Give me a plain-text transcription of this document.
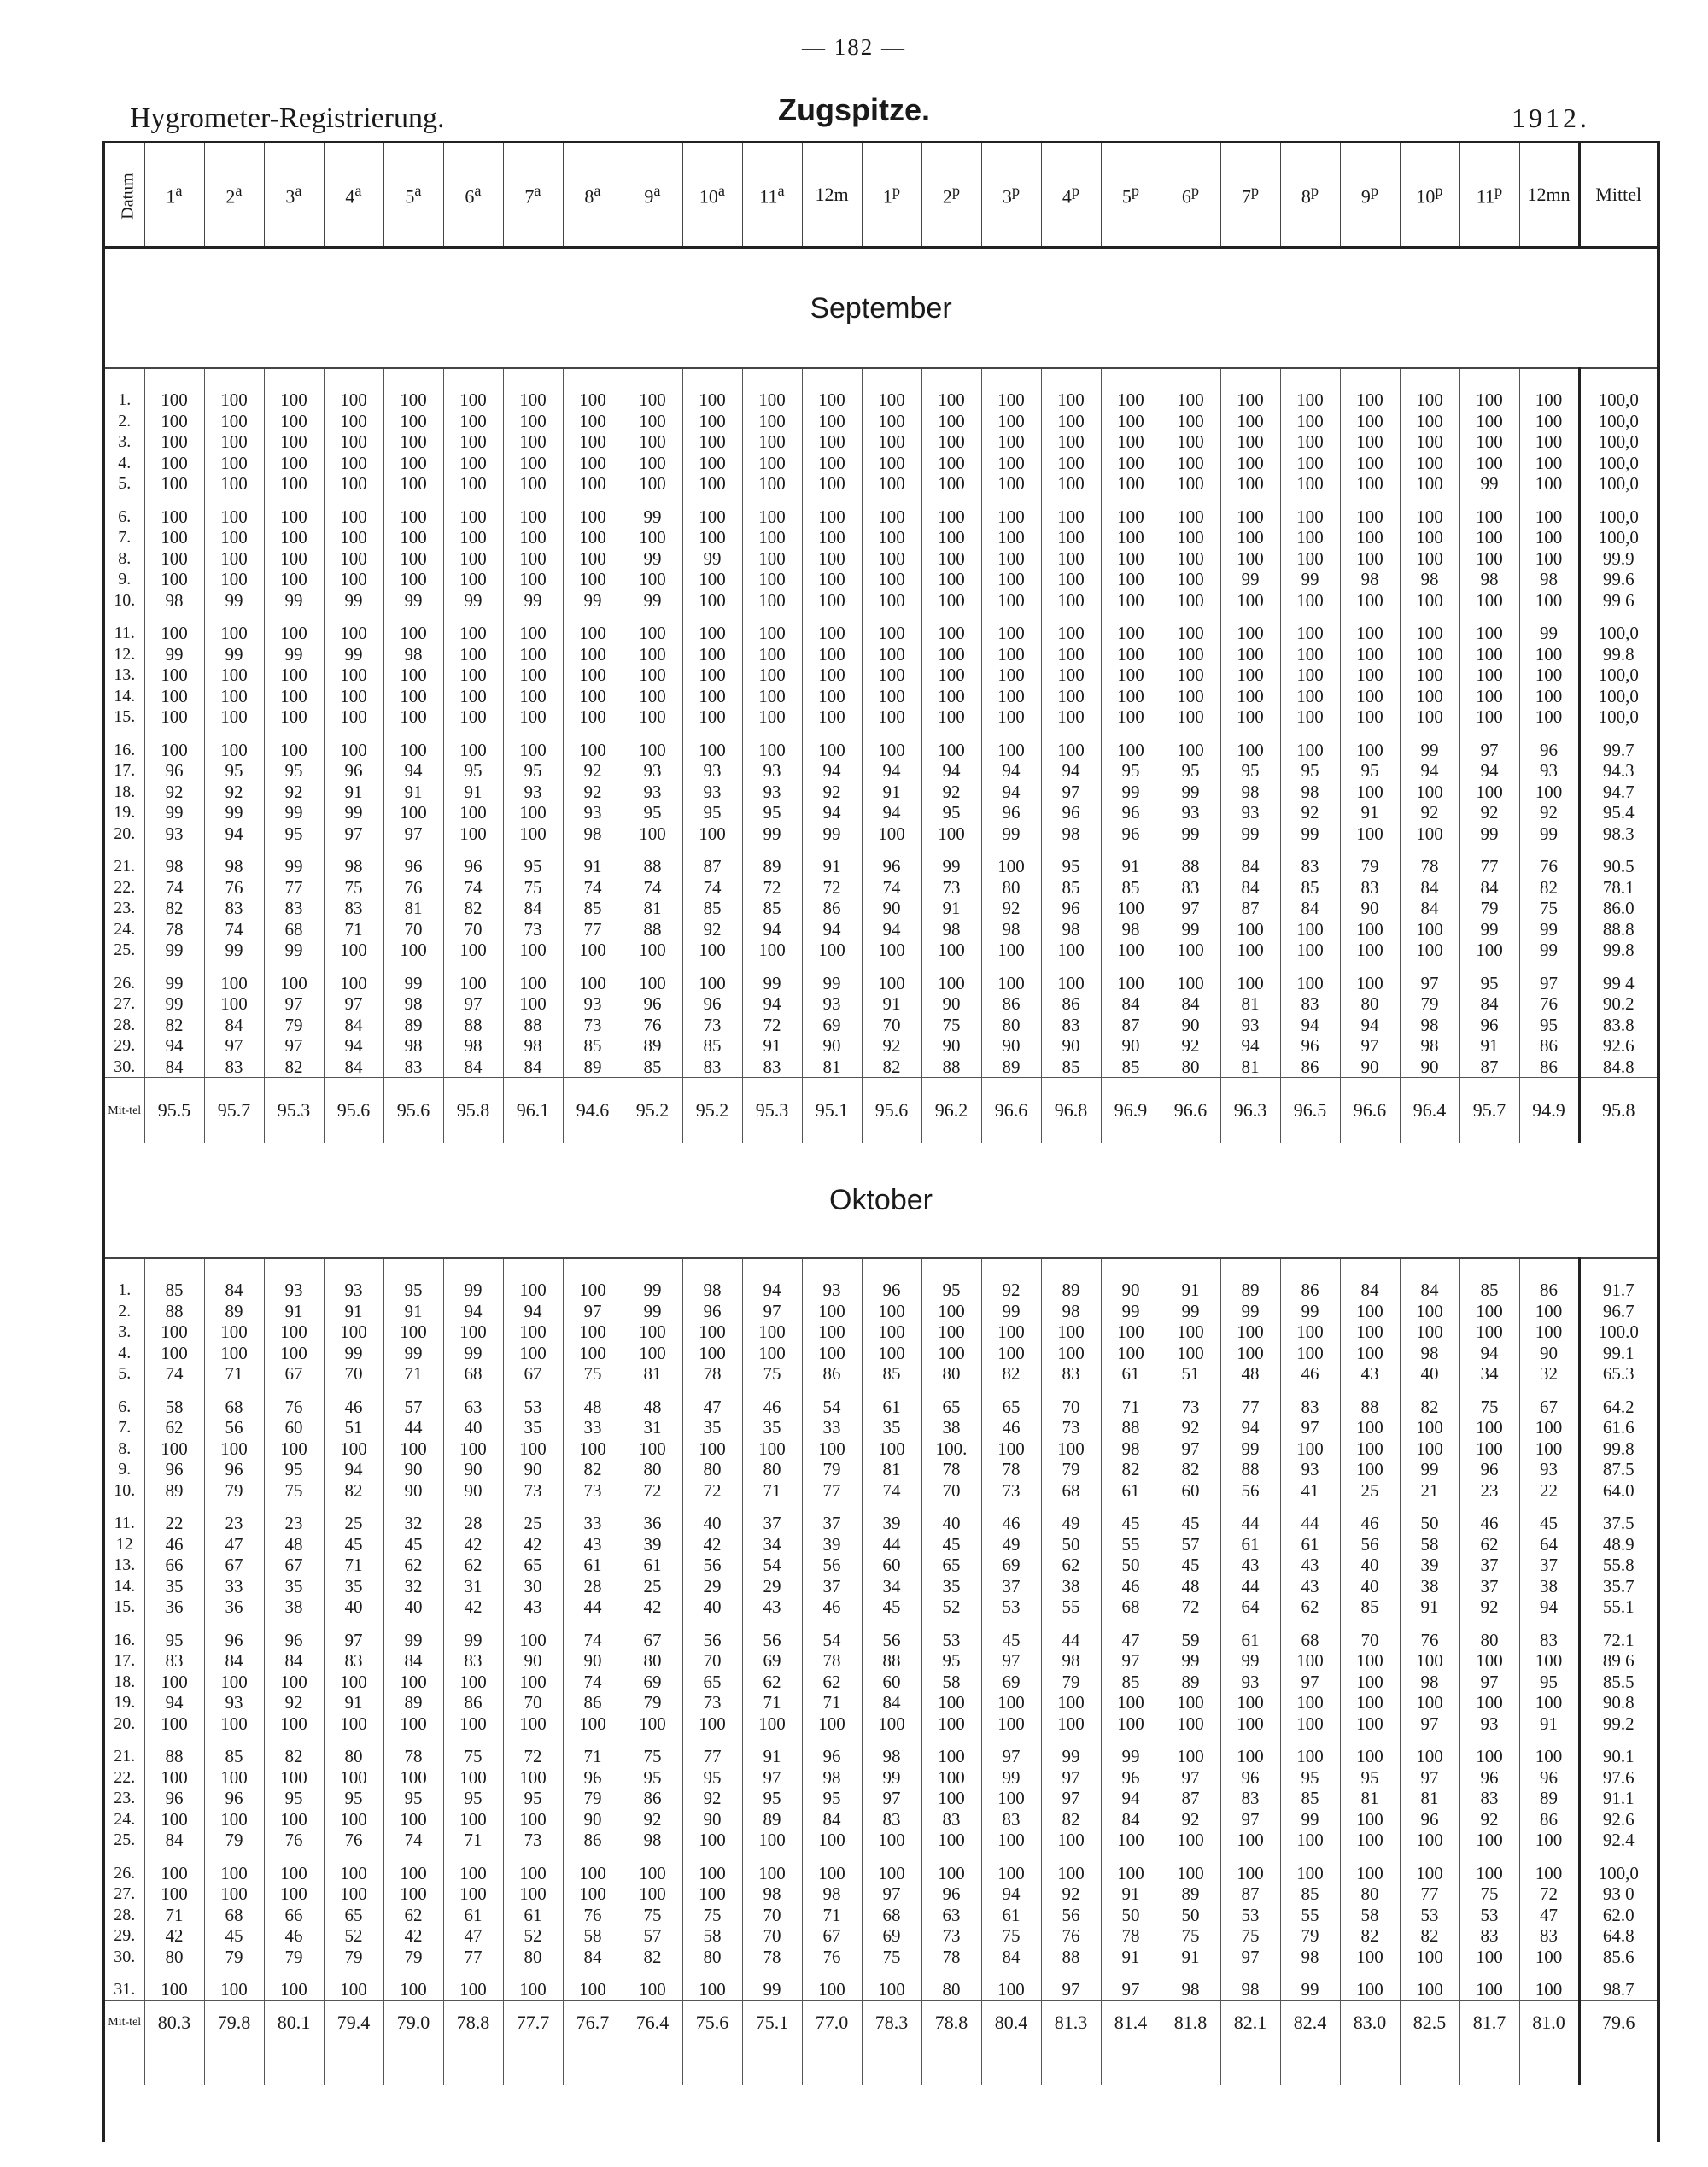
— 182 —
Hygrometer-Registrierung.	Zugspitze.	1912.
Datum	1$^a$	2$^a$	3$^a$	4$^a$	5$^a$	6$^a$	7$^a$	8$^a$	9$^a$	10$^a$	11$^a$	12m	1$^p$	2$^p$	3$^p$	4$^p$	5$^p$	6$^p$	7$^p$	8$^p$	9$^p$	10$^p$	11$^p$	12mn	Mittel
September																									

1.	100	100	100	100	100	100	100	100	100	100	100	100	100	100	100	100	100	100	100	100	100	100	100	100	100,0
2.	100	100	100	100	100	100	100	100	100	100	100	100	100	100	100	100	100	100	100	100	100	100	100	100	100,0
3.	100	100	100	100	100	100	100	100	100	100	100	100	100	100	100	100	100	100	100	100	100	100	100	100	100,0
4.	100	100	100	100	100	100	100	100	100	100	100	100	100	100	100	100	100	100	100	100	100	100	100	100	100,0
5.	100	100	100	100	100	100	100	100	100	100	100	100	100	100	100	100	100	100	100	100	100	100	99	100	100,0

6.	100	100	100	100	100	100	100	100	99	100	100	100	100	100	100	100	100	100	100	100	100	100	100	100	100,0
7.	100	100	100	100	100	100	100	100	100	100	100	100	100	100	100	100	100	100	100	100	100	100	100	100	100,0
8.	100	100	100	100	100	100	100	100	99	99	100	100	100	100	100	100	100	100	100	100	100	100	100	100	99.9
9.	100	100	100	100	100	100	100	100	100	100	100	100	100	100	100	100	100	100	99	99	98	98	98	98	99.6
10.	98	99	99	99	99	99	99	99	99	100	100	100	100	100	100	100	100	100	100	100	100	100	100	100	99 6

11.	100	100	100	100	100	100	100	100	100	100	100	100	100	100	100	100	100	100	100	100	100	100	100	99	100,0
12.	99	99	99	99	98	100	100	100	100	100	100	100	100	100	100	100	100	100	100	100	100	100	100	100	99.8
13.	100	100	100	100	100	100	100	100	100	100	100	100	100	100	100	100	100	100	100	100	100	100	100	100	100,0
14.	100	100	100	100	100	100	100	100	100	100	100	100	100	100	100	100	100	100	100	100	100	100	100	100	100,0
15.	100	100	100	100	100	100	100	100	100	100	100	100	100	100	100	100	100	100	100	100	100	100	100	100	100,0

16.	100	100	100	100	100	100	100	100	100	100	100	100	100	100	100	100	100	100	100	100	100	99	97	96	99.7
17.	96	95	95	96	94	95	95	92	93	93	93	94	94	94	94	94	95	95	95	95	95	94	94	93	94.3
18.	92	92	92	91	91	91	93	92	93	93	93	92	91	92	94	97	99	99	98	98	100	100	100	100	94.7
19.	99	99	99	99	100	100	100	93	95	95	95	94	94	95	96	96	96	93	93	92	91	92	92	92	95.4
20.	93	94	95	97	97	100	100	98	100	100	99	99	100	100	99	98	96	99	99	99	100	100	99	99	98.3

21.	98	98	99	98	96	96	95	91	88	87	89	91	96	99	100	95	91	88	84	83	79	78	77	76	90.5
22.	74	76	77	75	76	74	75	74	74	74	72	72	74	73	80	85	85	83	84	85	83	84	84	82	78.1
23.	82	83	83	83	81	82	84	85	81	85	85	86	90	91	92	96	100	97	87	84	90	84	79	75	86.0
24.	78	74	68	71	70	70	73	77	88	92	94	94	94	98	98	98	98	99	100	100	100	100	99	99	88.8
25.	99	99	99	100	100	100	100	100	100	100	100	100	100	100	100	100	100	100	100	100	100	100	100	99	99.8

26.	99	100	100	100	99	100	100	100	100	100	99	99	100	100	100	100	100	100	100	100	100	97	95	97	99 4
27.	99	100	97	97	98	97	100	93	96	96	94	93	91	90	86	86	84	84	81	83	80	79	84	76	90.2
28.	82	84	79	84	89	88	88	73	76	73	72	69	70	75	80	83	87	90	93	94	94	98	96	95	83.8
29.	94	97	97	94	98	98	98	85	89	85	91	90	92	90	90	90	90	92	94	96	97	98	91	86	92.6
30.	84	83	82	84	83	84	84	89	85	83	83	81	82	88	89	85	85	80	81	86	90	90	87	86	84.8
Mit-tel	95.5	95.7	95.3	95.6	95.6	95.8	96.1	94.6	95.2	95.2	95.3	95.1	95.6	96.2	96.6	96.8	96.9	96.6	96.3	96.5	96.6	96.4	95.7	94.9	95.8
Oktober																									

1.	85	84	93	93	95	99	100	100	99	98	94	93	96	95	92	89	90	91	89	86	84	84	85	86	91.7
2.	88	89	91	91	91	94	94	97	99	96	97	100	100	100	99	98	99	99	99	99	100	100	100	100	96.7
3.	100	100	100	100	100	100	100	100	100	100	100	100	100	100	100	100	100	100	100	100	100	100	100	100	100.0
4.	100	100	100	99	99	99	100	100	100	100	100	100	100	100	100	100	100	100	100	100	100	98	94	90	99.1
5.	74	71	67	70	71	68	67	75	81	78	75	86	85	80	82	83	61	51	48	46	43	40	34	32	65.3

6.	58	68	76	46	57	63	53	48	48	47	46	54	61	65	65	70	71	73	77	83	88	82	75	67	64.2
7.	62	56	60	51	44	40	35	33	31	35	35	33	35	38	46	73	88	92	94	97	100	100	100	100	61.6
8.	100	100	100	100	100	100	100	100	100	100	100	100	100	100.	100	100	98	97	99	100	100	100	100	100	99.8
9.	96	96	95	94	90	90	90	82	80	80	80	79	81	78	78	79	82	82	88	93	100	99	96	93	87.5
10.	89	79	75	82	90	90	73	73	72	72	71	77	74	70	73	68	61	60	56	41	25	21	23	22	64.0

11.	22	23	23	25	32	28	25	33	36	40	37	37	39	40	46	49	45	45	44	44	46	50	46	45	37.5
12	46	47	48	45	45	42	42	43	39	42	34	39	44	45	49	50	55	57	61	61	56	58	62	64	48.9
13.	66	67	67	71	62	62	65	61	61	56	54	56	60	65	69	62	50	45	43	43	40	39	37	37	55.8
14.	35	33	35	35	32	31	30	28	25	29	29	37	34	35	37	38	46	48	44	43	40	38	37	38	35.7
15.	36	36	38	40	40	42	43	44	42	40	43	46	45	52	53	55	68	72	64	62	85	91	92	94	55.1

16.	95	96	96	97	99	99	100	74	67	56	56	54	56	53	45	44	47	59	61	68	70	76	80	83	72.1
17.	83	84	84	83	84	83	90	90	80	70	69	78	88	95	97	98	97	99	99	100	100	100	100	100	89 6
18.	100	100	100	100	100	100	100	74	69	65	62	62	60	58	69	79	85	89	93	97	100	98	97	95	85.5
19.	94	93	92	91	89	86	70	86	79	73	71	71	84	100	100	100	100	100	100	100	100	100	100	100	90.8
20.	100	100	100	100	100	100	100	100	100	100	100	100	100	100	100	100	100	100	100	100	100	97	93	91	99.2

21.	88	85	82	80	78	75	72	71	75	77	91	96	98	100	97	99	99	100	100	100	100	100	100	100	90.1
22.	100	100	100	100	100	100	100	96	95	95	97	98	99	100	99	97	96	97	96	95	95	97	96	96	97.6
23.	96	96	95	95	95	95	95	79	86	92	95	95	97	100	100	97	94	87	83	85	81	81	83	89	91.1
24.	100	100	100	100	100	100	100	90	92	90	89	84	83	83	83	82	84	92	97	99	100	96	92	86	92.6
25.	84	79	76	76	74	71	73	86	98	100	100	100	100	100	100	100	100	100	100	100	100	100	100	100	92.4

26.	100	100	100	100	100	100	100	100	100	100	100	100	100	100	100	100	100	100	100	100	100	100	100	100	100,0
27.	100	100	100	100	100	100	100	100	100	100	98	98	97	96	94	92	91	89	87	85	80	77	75	72	93 0
28.	71	68	66	65	62	61	61	76	75	75	70	71	68	63	61	56	50	50	53	55	58	53	53	47	62.0
29.	42	45	46	52	42	47	52	58	57	58	70	67	69	73	75	76	78	75	75	79	82	82	83	83	64.8
30.	80	79	79	79	79	77	80	84	82	80	78	76	75	78	84	88	91	91	97	98	100	100	100	100	85.6

31.	100	100	100	100	100	100	100	100	100	100	99	100	100	80	100	97	97	98	98	99	100	100	100	100	98.7
Mit-tel	80.3	79.8	80.1	79.4	79.0	78.8	77.7	76.7	76.4	75.6	75.1	77.0	78.3	78.8	80.4	81.3	81.4	81.8	82.1	82.4	83.0	82.5	81.7	81.0	79.6
